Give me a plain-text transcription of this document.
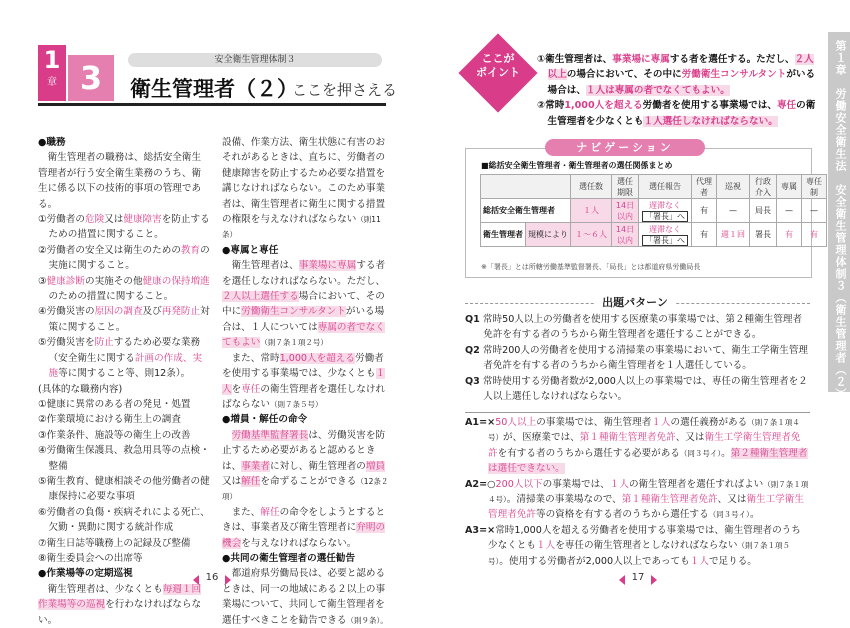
1
章 3	安全衛生管理体制３
衛生管理者（２）
ここを押さえる
●職務

衛生管理者の職務は、総括安全衛生管理者が行う安全衛生業務のうち、衛生に係る以下の技術的事項の管理である。

①労働者の危険又は健康障害を防止するための措置に関すること。
②労働者の安全又は衛生のための教育の実施に関すること。
③健康診断の実施その他健康の保持増進のための措置に関すること。
④労働災害の原因の調査及び再発防止対策に関すること。
⑤労働災害を防止するため必要な業務（安全衛生に関する計画の作成、実施等に関すること等、則12条）。
(具体的な職務内容)
①健康に異常のある者の発見・処置
②作業環境における衛生上の調査
③作業条件、施設等の衛生上の改善
④労働衛生保護具、救急用具等の点検・整備
⑤衛生教育、健康相談その他労働者の健康保持に必要な事項
⑥労働者の負傷・疾病それによる死亡、欠勤・異動に関する統計作成
⑦衛生日誌等職務上の記録及び整備
⑧衛生委員会への出席等
●作業場等の定期巡視

衛生管理者は、少なくとも毎週１回作業場等の巡視を行わなければならない。

設備、作業方法、衛生状態に有害のおそれがあるときは、直ちに、労働者の健康障害を防止するため必要な措置を講じなければならない。このため事業者は、衛生管理者に衛生に関する措置の権限を与えなければならない（則11条）

●専属と専任

衛生管理者は、事業場に専属する者を選任しなければならない。ただし、２人以上選任する場合において、その中に労働衛生コンサルタントがいる場合は、１人については専属の者でなくてもよい（則７条１項２号）

また、常時1,000人を超える労働者を使用する事業場では、少なくとも１人を専任の衛生管理者を選任しなければならない（則７条５号）

●増員・解任の命令

労働基準監督署長は、労働災害を防止するため必要があると認めるときは、事業者に対し、衛生管理者の増員又は解任を命ずることができる（12条２項）

また、解任の命令をしようとするときは、事業者及び衛生管理者に弁明の機会を与えなければならない。

●共同の衛生管理者の選任勧告

都道府県労働局長は、必要と認めるときは、同一の地域にある２以上の事業場について、共同して衛生管理者を選任すべきことを勧告できる（則９条）。

16
ここが
ポイント
①衛生管理者は、事業場に専属する者を選任する。ただし、２人以上の場合において、その中に労働衛生コンサルタントがいる場合は、１人は専属の者でなくてもよい。
②常時1,000人を超える労働者を使用する事業場では、専任の衛生管理者を少なくとも１人選任しなければならない。
ナビゲーション
■総括安全衛生管理者・衛生管理者の選任関係まとめ
		選任数	選任期限	選任報告	代理者	巡視	行政介入	専属	専任制
総括安全衛生管理者		１人	14日以内	遅滞なく
「署長」へ	有	—	局長	—	—
衛生管理者	規模により	１〜６人	14日以内	遅滞なく
「署長」へ	有	週１回	署長	有	有
※「署長」とは所轄労働基準監督署長、「局長」とは都道府県労働局長
出題パターン

Q1 常時50人以上の労働者を使用する医療業の事業場では、第２種衛生管理者免許を有する者のうちから衛生管理者を選任することができる。

Q2 常時200人の労働者を使用する清掃業の事業場において、衛生工学衛生管理者免許を有する者のうちから衛生管理者を１人選任している。

Q3 常時使用する労働者数が2,000人以上の事業場では、専任の衛生管理者を２人以上選任しなければならない。

A1=×50人以上の事業場では、衛生管理者１人の選任義務がある（則７条１項４号）が、医療業では、第１種衛生管理者免許、又は衛生工学衛生管理者免許を有する者のうちから選任する必要がある（同３号イ）。第２種衛生管理者は選任できない。

A2=○200人以下の事業場では、１人の衛生管理者を選任すればよい（則７条１項４号）。清掃業の事業場なので、第１種衛生管理者免許、又は衛生工学衛生管理者免許等の資格を有する者のうちから選任する（同３号イ）。

A3=×常時1,000人を超える労働者を使用する事業場では、衛生管理者のうち少なくとも１人を専任の衛生管理者としなければならない（則７条１項５号）。使用する労働者が2,000人以上であっても１人で足りる。

第１章　労働安全衛生法　安全衛生管理体制３（衛生管理者（２））
17
